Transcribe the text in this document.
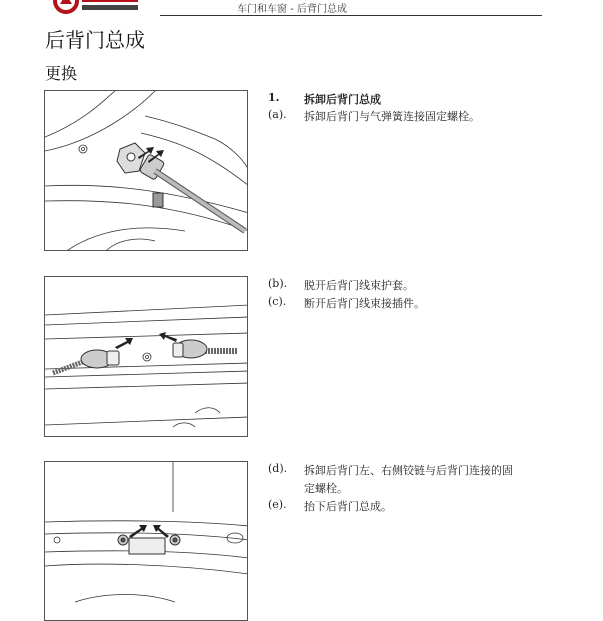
车门和车窗 - 后背门总成
后背门总成
更换
1. 拆卸后背门总成
(a). 拆卸后背门与气弹簧连接固定螺栓。
(b). 脱开后背门线束护套。
(c). 断开后背门线束接插件。
(d). 拆卸后背门左、右侧铰链与后背门连接的固
定螺栓。
(e). 抬下后背门总成。
